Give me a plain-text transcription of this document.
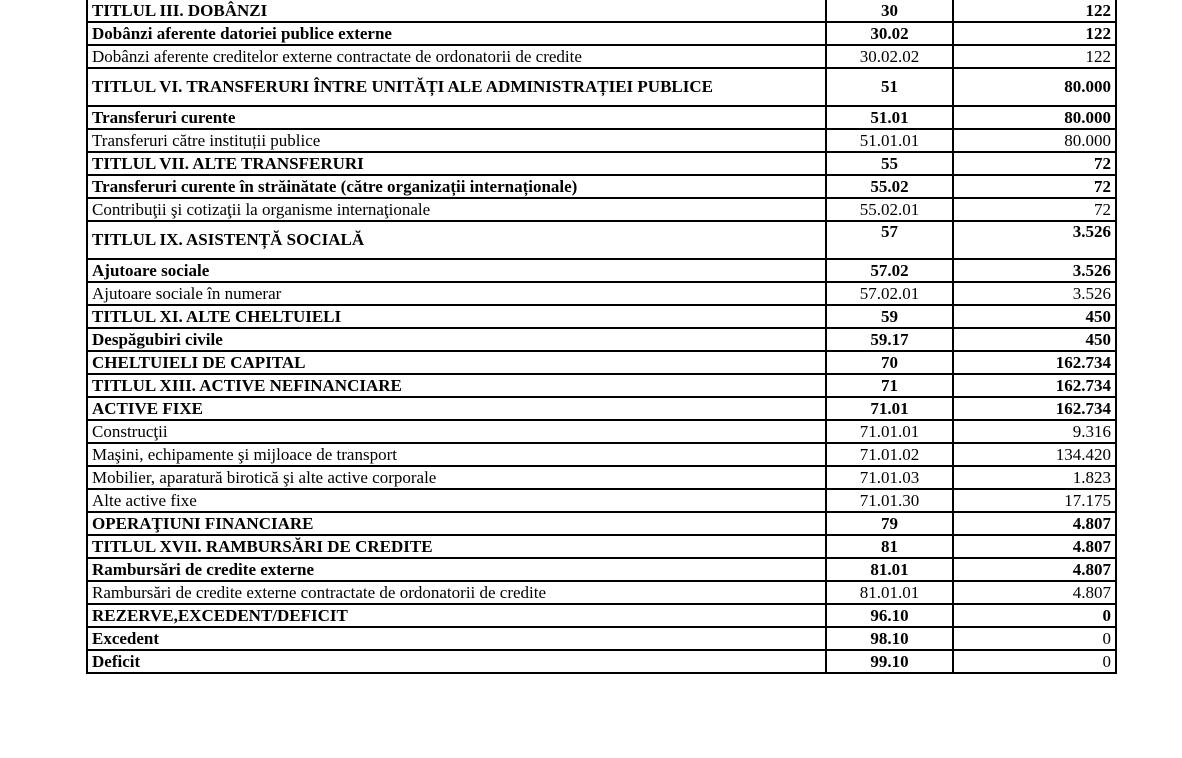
TITLUL III. DOBÂNZI	30	122
Dobânzi aferente datoriei publice externe	30.02	122
Dobânzi aferente creditelor externe contractate de ordonatorii de credite	30.02.02	122
TITLUL VI. TRANSFERURI ÎNTRE UNITĂȚI ALE ADMINISTRAȚIEI PUBLICE	51	80.000
Transferuri curente	51.01	80.000
Transferuri către instituții publice	51.01.01	80.000
TITLUL VII. ALTE TRANSFERURI	55	72
Transferuri curente în străinătate (către organizații internaționale)	55.02	72
Contribuţii şi cotizaţii la organisme internaţionale	55.02.01	72
TITLUL IX. ASISTENȚĂ SOCIALĂ	57	3.526
Ajutoare sociale	57.02	3.526
Ajutoare sociale în numerar	57.02.01	3.526
TITLUL XI. ALTE CHELTUIELI	59	450
Despăgubiri civile	59.17	450
CHELTUIELI DE CAPITAL	70	162.734
TITLUL XIII. ACTIVE NEFINANCIARE	71	162.734
ACTIVE FIXE	71.01	162.734
Construcţii	71.01.01	9.316
Maşini, echipamente şi mijloace de transport	71.01.02	134.420
Mobilier, aparatură birotică şi alte active corporale	71.01.03	1.823
Alte active fixe	71.01.30	17.175
OPERAŢIUNI FINANCIARE	79	4.807
TITLUL XVII. RAMBURSĂRI DE CREDITE	81	4.807
Rambursări de credite externe	81.01	4.807
Rambursări de credite externe contractate de ordonatorii de credite	81.01.01	4.807
REZERVE,EXCEDENT/DEFICIT	96.10	0
Excedent	98.10	0
Deficit	99.10	0
